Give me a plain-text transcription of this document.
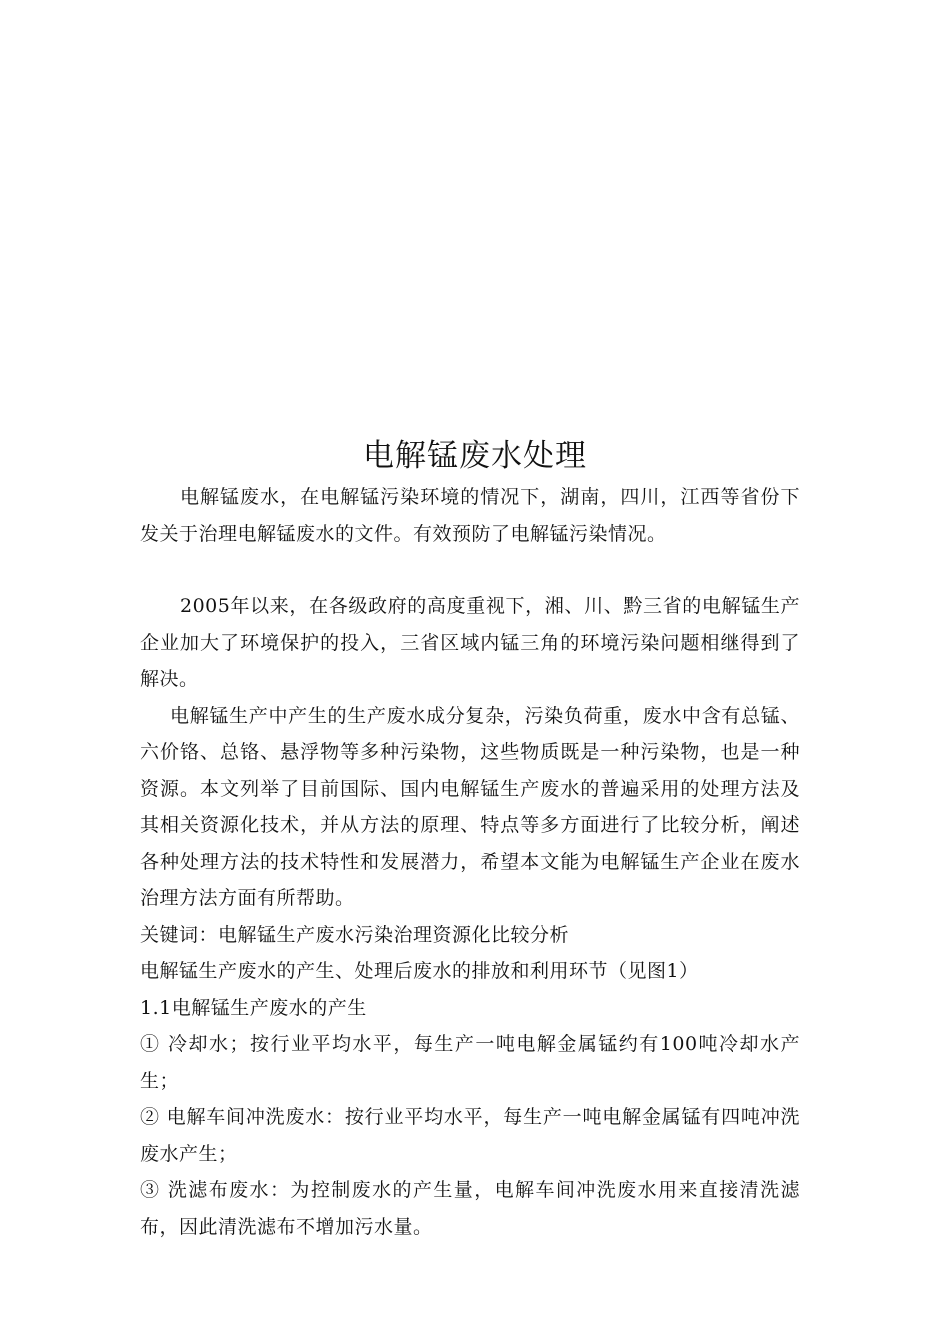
电解锰废水处理

电解锰废水，在电解锰污染环境的情况下，湖南，四川，江西等省份下发关于治理电解锰废水的文件。有效预防了电解锰污染情况。

2005年以来，在各级政府的高度重视下，湘、川、黔三省的电解锰生产企业加大了环境保护的投入，三省区域内锰三角的环境污染问题相继得到了解决。

电解锰生产中产生的生产废水成分复杂，污染负荷重，废水中含有总锰、六价铬、总铬、悬浮物等多种污染物，这些物质既是一种污染物，也是一种资源。本文列举了目前国际、国内电解锰生产废水的普遍采用的处理方法及其相关资源化技术，并从方法的原理、特点等多方面进行了比较分析，阐述各种处理方法的技术特性和发展潜力，希望本文能为电解锰生产企业在废水治理方法方面有所帮助。

关键词：电解锰生产废水污染治理资源化比较分析

电解锰生产废水的产生、处理后废水的排放和利用环节（见图1）

1.1电解锰生产废水的产生

① 冷却水；按行业平均水平，每生产一吨电解金属锰约有100吨冷却水产生；

② 电解车间冲洗废水：按行业平均水平，每生产一吨电解金属锰有四吨冲洗废水产生；

③ 洗滤布废水：为控制废水的产生量，电解车间冲洗废水用来直接清洗滤布，因此清洗滤布不增加污水量。
